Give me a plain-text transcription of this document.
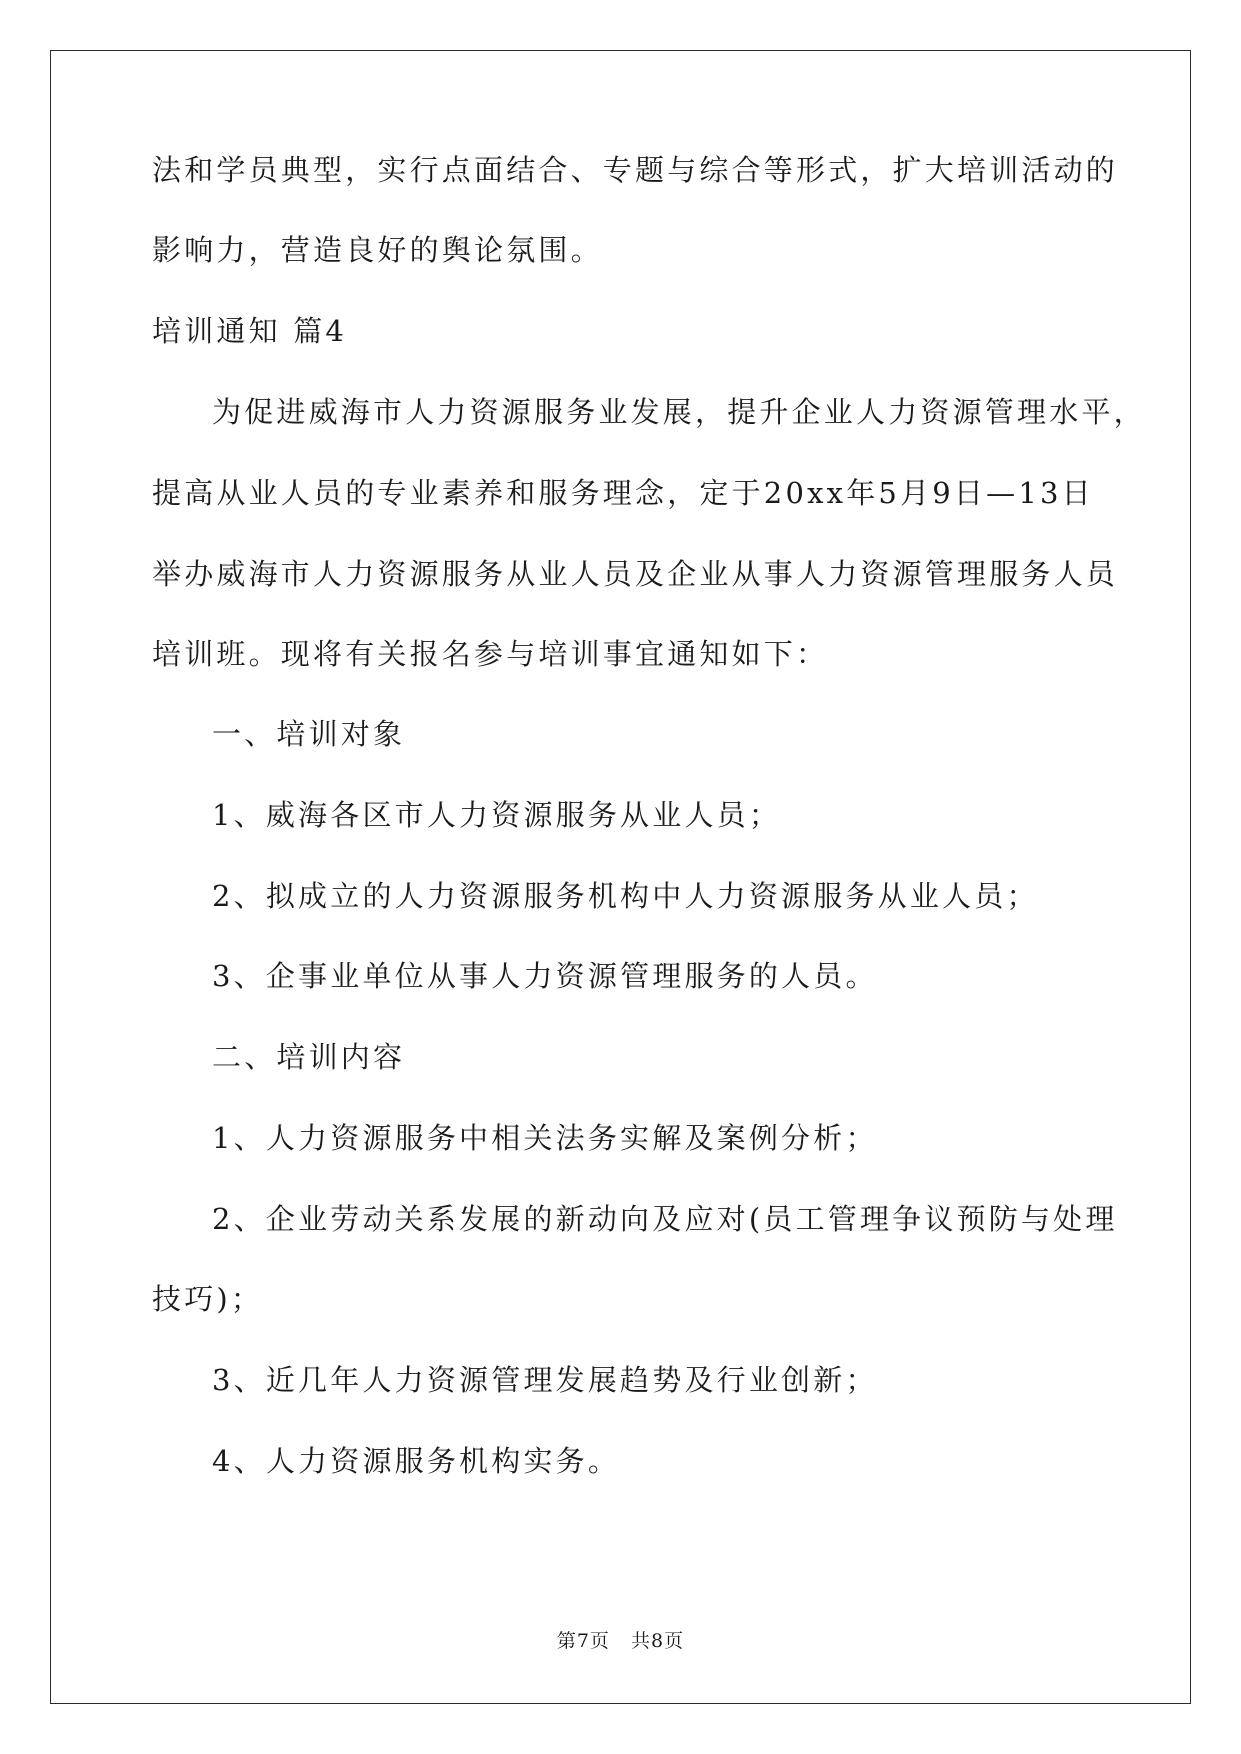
法和学员典型，实行点面结合、专题与综合等形式，扩大培训活动的
影响力，营造良好的舆论氛围。
培训通知 篇4
为促进威海市人力资源服务业发展，提升企业人力资源管理水平，
提高从业人员的专业素养和服务理念，定于20xx年5月9日—13日
举办威海市人力资源服务从业人员及企业从事人力资源管理服务人员
培训班。现将有关报名参与培训事宜通知如下：
一、培训对象
1、威海各区市人力资源服务从业人员；
2、拟成立的人力资源服务机构中人力资源服务从业人员；
3、企事业单位从事人力资源管理服务的人员。
二、培训内容
1、人力资源服务中相关法务实解及案例分析；
2、企业劳动关系发展的新动向及应对(员工管理争议预防与处理
技巧)；
3、近几年人力资源管理发展趋势及行业创新；
4、人力资源服务机构实务。
第7页   共8页
